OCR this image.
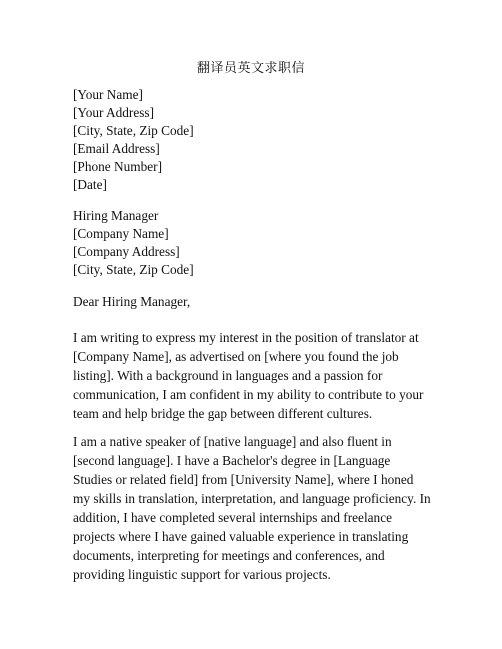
翻译员英文求职信
[Your Name]
[Your Address]
[City, State, Zip Code]
[Email Address]
[Phone Number]
[Date]
Hiring Manager
[Company Name]
[Company Address]
[City, State, Zip Code]
Dear Hiring Manager,
I am writing to express my interest in the position of translator at
[Company Name], as advertised on [where you found the job
listing]. With a background in languages and a passion for
communication, I am confident in my ability to contribute to your
team and help bridge the gap between different cultures.
I am a native speaker of [native language] and also fluent in
[second language]. I have a Bachelor's degree in [Language
Studies or related field] from [University Name], where I honed
my skills in translation, interpretation, and language proficiency. In
addition, I have completed several internships and freelance
projects where I have gained valuable experience in translating
documents, interpreting for meetings and conferences, and
providing linguistic support for various projects.
